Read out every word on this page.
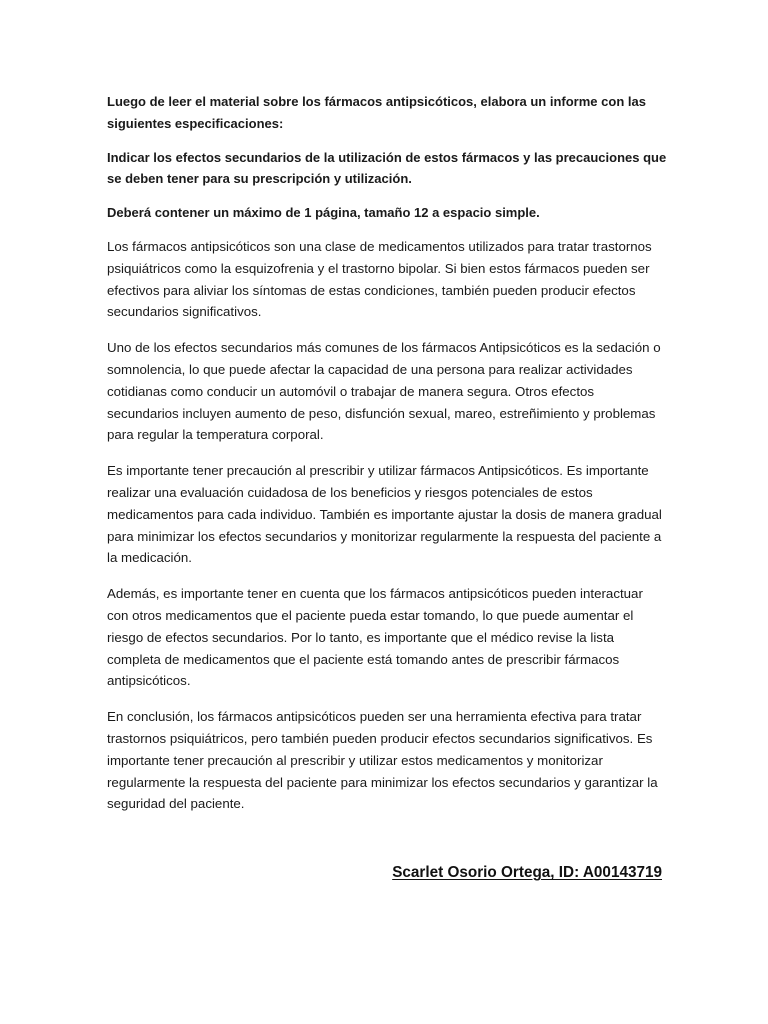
Luego de leer el material sobre los fármacos antipsicóticos, elabora un informe con las siguientes especificaciones:

Indicar los efectos secundarios de la utilización de estos fármacos y las precauciones que se deben tener para su prescripción y utilización.

Deberá contener un máximo de 1 página, tamaño 12 a espacio simple.

Los fármacos antipsicóticos son una clase de medicamentos utilizados para tratar trastornos psiquiátricos como la esquizofrenia y el trastorno bipolar. Si bien estos fármacos pueden ser efectivos para aliviar los síntomas de estas condiciones, también pueden producir efectos secundarios significativos.

Uno de los efectos secundarios más comunes de los fármacos Antipsicóticos es la sedación o somnolencia, lo que puede afectar la capacidad de una persona para realizar actividades cotidianas como conducir un automóvil o trabajar de manera segura. Otros efectos secundarios incluyen aumento de peso, disfunción sexual, mareo, estreñimiento y problemas para regular la temperatura corporal.

Es importante tener precaución al prescribir y utilizar fármacos Antipsicóticos. Es importante realizar una evaluación cuidadosa de los beneficios y riesgos potenciales de estos medicamentos para cada individuo. También es importante ajustar la dosis de manera gradual para minimizar los efectos secundarios y monitorizar regularmente la respuesta del paciente a la medicación.

Además, es importante tener en cuenta que los fármacos antipsicóticos pueden interactuar con otros medicamentos que el paciente pueda estar tomando, lo que puede aumentar el riesgo de efectos secundarios. Por lo tanto, es importante que el médico revise la lista completa de medicamentos que el paciente está tomando antes de prescribir fármacos antipsicóticos.

En conclusión, los fármacos antipsicóticos pueden ser una herramienta efectiva para tratar trastornos psiquiátricos, pero también pueden producir efectos secundarios significativos. Es importante tener precaución al prescribir y utilizar estos medicamentos y monitorizar regularmente la respuesta del paciente para minimizar los efectos secundarios y garantizar la seguridad del paciente.

Scarlet Osorio Ortega, ID: A00143719
